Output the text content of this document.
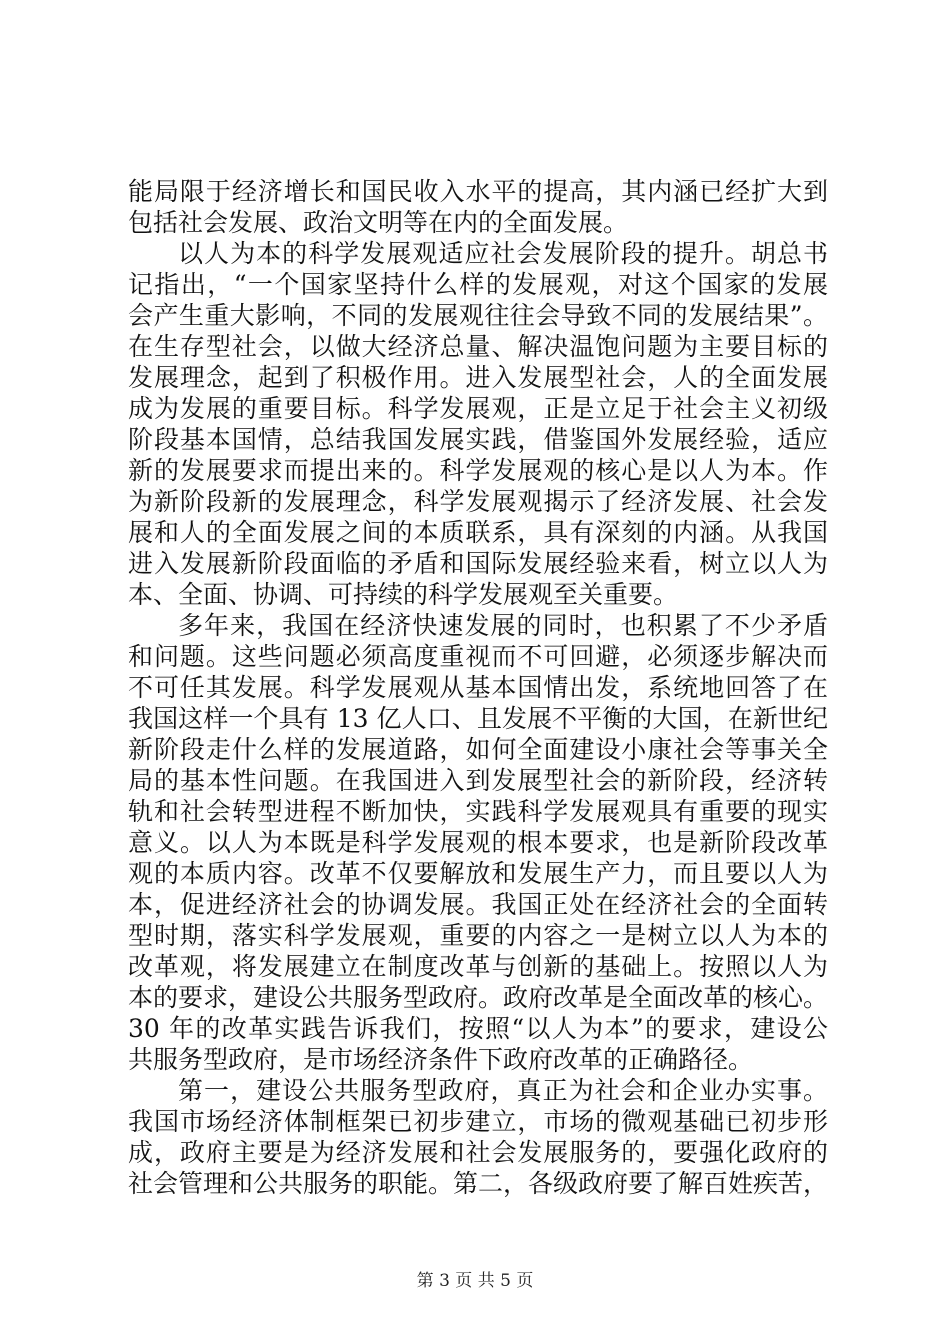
能局限于经济增长和国民收入水平的提高，其内涵已经扩大到
包括社会发展、政治文明等在内的全面发展。
以人为本的科学发展观适应社会发展阶段的提升。胡总书
记指出，“一个国家坚持什么样的发展观，对这个国家的发展
会产生重大影响，不同的发展观往往会导致不同的发展结果”。
在生存型社会，以做大经济总量、解决温饱问题为主要目标的
发展理念，起到了积极作用。进入发展型社会，人的全面发展
成为发展的重要目标。科学发展观，正是立足于社会主义初级
阶段基本国情，总结我国发展实践，借鉴国外发展经验，适应
新的发展要求而提出来的。科学发展观的核心是以人为本。作
为新阶段新的发展理念，科学发展观揭示了经济发展、社会发
展和人的全面发展之间的本质联系，具有深刻的内涵。从我国
进入发展新阶段面临的矛盾和国际发展经验来看，树立以人为
本、全面、协调、可持续的科学发展观至关重要。
多年来，我国在经济快速发展的同时，也积累了不少矛盾
和问题。这些问题必须高度重视而不可回避，必须逐步解决而
不可任其发展。科学发展观从基本国情出发，系统地回答了在
我国这样一个具有 13 亿人口、且发展不平衡的大国，在新世纪
新阶段走什么样的发展道路，如何全面建设小康社会等事关全
局的基本性问题。在我国进入到发展型社会的新阶段，经济转
轨和社会转型进程不断加快，实践科学发展观具有重要的现实
意义。以人为本既是科学发展观的根本要求，也是新阶段改革
观的本质内容。改革不仅要解放和发展生产力，而且要以人为
本，促进经济社会的协调发展。我国正处在经济社会的全面转
型时期，落实科学发展观，重要的内容之一是树立以人为本的
改革观，将发展建立在制度改革与创新的基础上。按照以人为
本的要求，建设公共服务型政府。政府改革是全面改革的核心。
30 年的改革实践告诉我们，按照“以人为本”的要求，建设公
共服务型政府，是市场经济条件下政府改革的正确路径。
第一，建设公共服务型政府，真正为社会和企业办实事。
我国市场经济体制框架已初步建立，市场的微观基础已初步形
成，政府主要是为经济发展和社会发展服务的，要强化政府的
社会管理和公共服务的职能。第二，各级政府要了解百姓疾苦，
第 3 页 共 5 页
